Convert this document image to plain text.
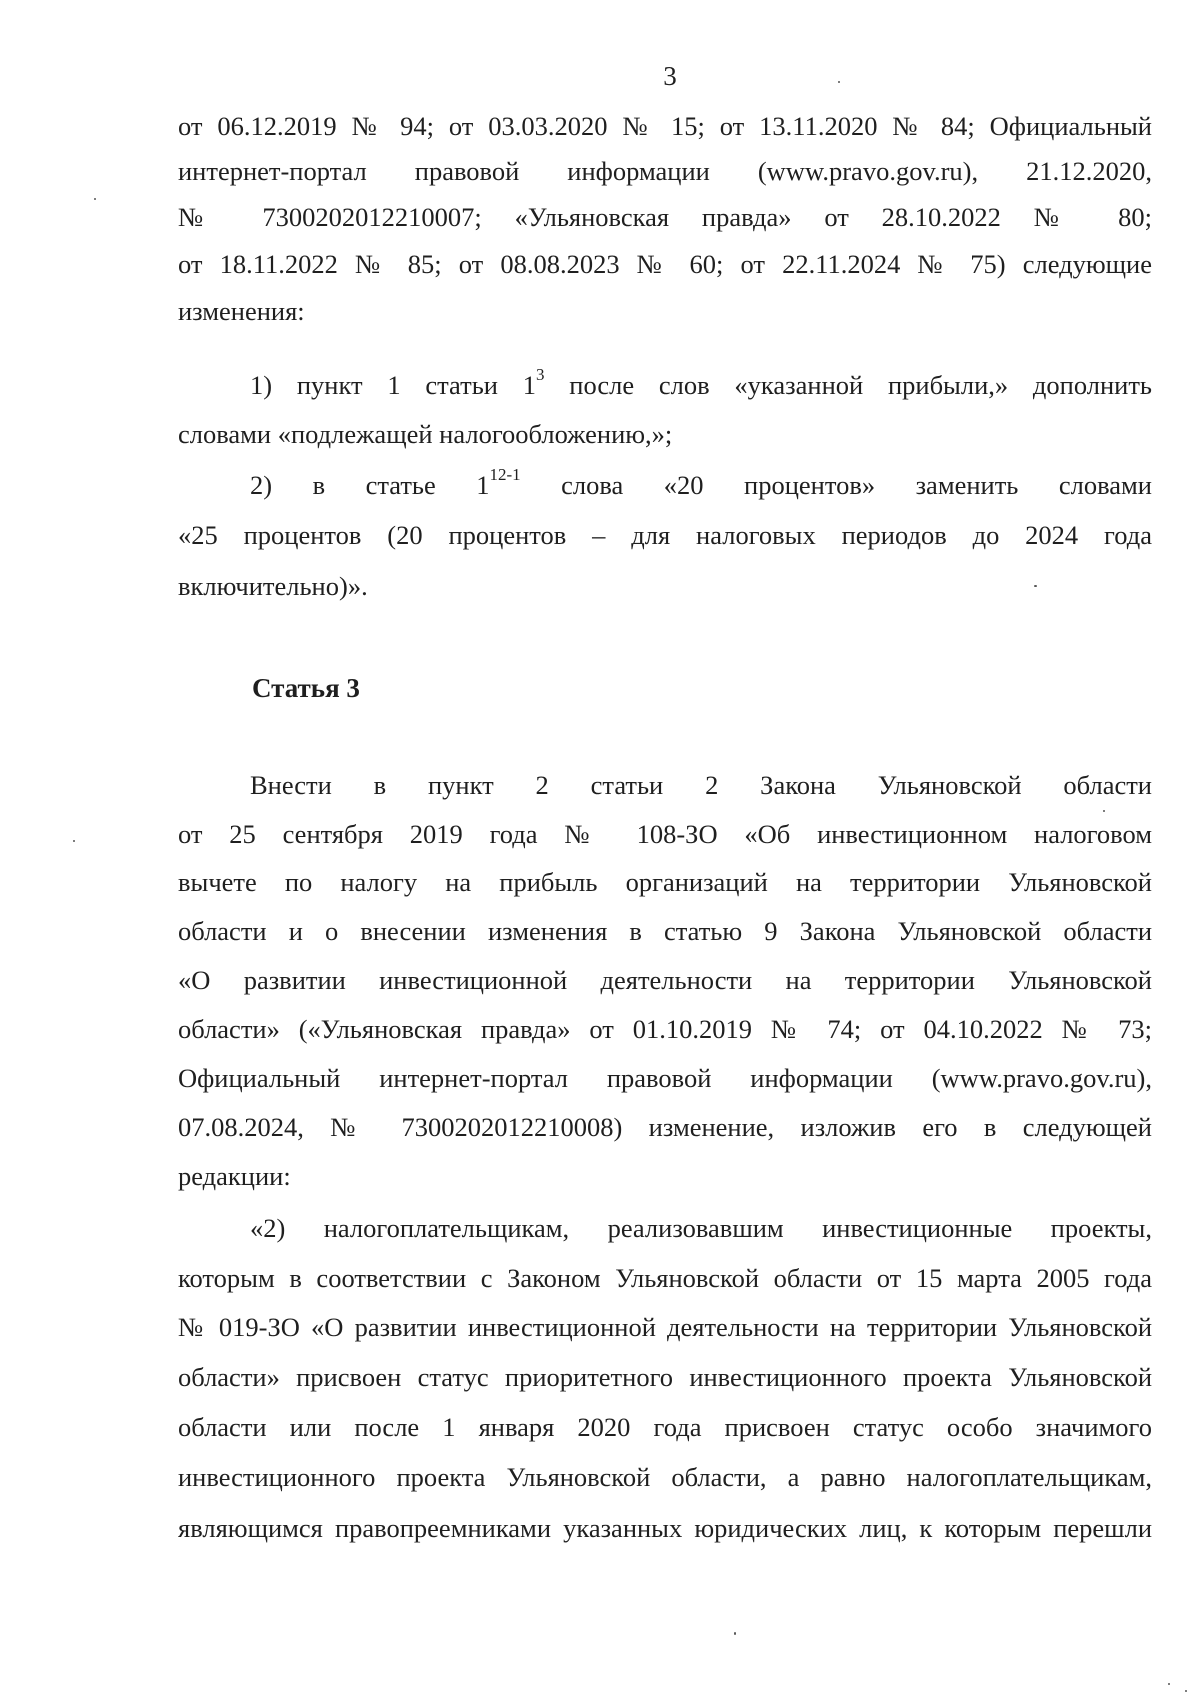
3
от 06.12.2019 № 94; от 03.03.2020 № 15; от 13.11.2020 № 84; Официальный
интернет-портал правовой информации (www.pravo.gov.ru), 21.12.2020,
№ 7300202012210007; «Ульяновская правда» от 28.10.2022 № 80;
от 18.11.2022 № 85; от 08.08.2023 № 60; от 22.11.2024 № 75) следующие
изменения:
1) пункт 1 статьи $1^3$ после слов «указанной прибыли,» дополнить
словами «подлежащей налогообложению,»;
2) в статье 1$^{12-1}$ слова «20 процентов» заменить словами
«25 процентов (20 процентов – для налоговых периодов до 2024 года
включительно)».
Статья 3
Внести в пункт 2 статьи 2 Закона Ульяновской области
от 25 сентября 2019 года № 108-ЗО «Об инвестиционном налоговом
вычете по налогу на прибыль организаций на территории Ульяновской
области и о внесении изменения в статью 9 Закона Ульяновской области
«О развитии инвестиционной деятельности на территории Ульяновской
области» («Ульяновская правда» от 01.10.2019 № 74; от 04.10.2022 № 73;
Официальный интернет-портал правовой информации (www.pravo.gov.ru),
07.08.2024, № 7300202012210008) изменение, изложив его в следующей
редакции:
«2) налогоплательщикам, реализовавшим инвестиционные проекты,
которым в соответствии с Законом Ульяновской области от 15 марта 2005 года
№ 019-ЗО «О развитии инвестиционной деятельности на территории Ульяновской
области» присвоен статус приоритетного инвестиционного проекта Ульяновской
области или после 1 января 2020 года присвоен статус особо значимого
инвестиционного проекта Ульяновской области, а равно налогоплательщикам,
являющимся правопреемниками указанных юридических лиц, к которым перешли
